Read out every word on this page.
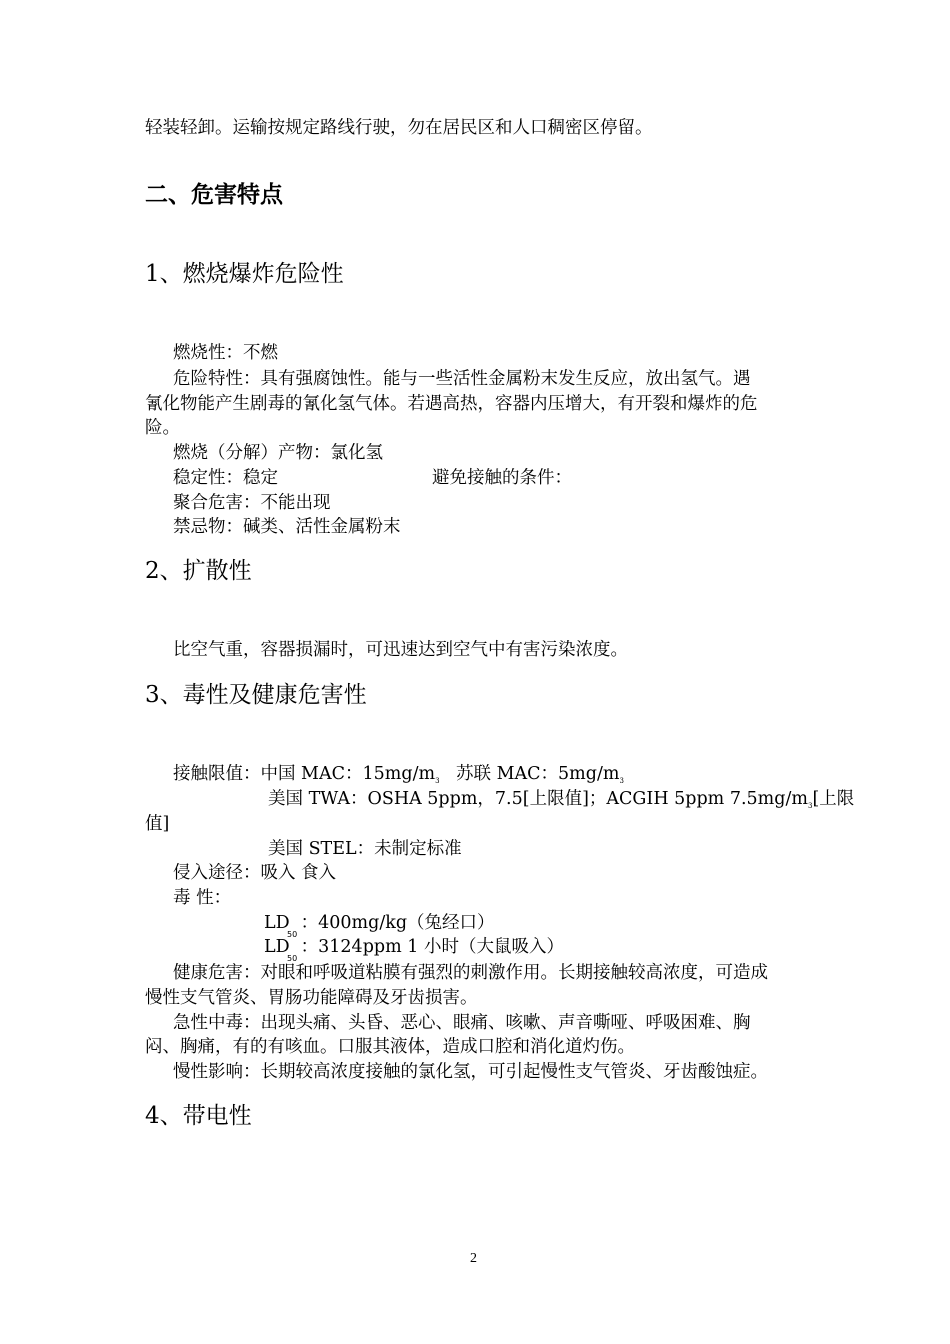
轻装轻卸。运输按规定路线行驶，勿在居民区和人口稠密区停留。
二、危害特点
1、燃烧爆炸危险性
燃烧性：不燃
危险特性：具有强腐蚀性。能与一些活性金属粉末发生反应，放出氢气。遇
氰化物能产生剧毒的氰化氢气体。若遇高热，容器内压增大，有开裂和爆炸的危
险。
燃烧（分解）产物：氯化氢
稳定性：稳定	避免接触的条件：
聚合危害：不能出现
禁忌物：碱类、活性金属粉末
2、扩散性
比空气重，容器损漏时，可迅速达到空气中有害污染浓度。
3、毒性及健康危害性
接触限值：中国 MAC：$15mg/m_3$ 苏联 MAC：$5mg/m_3$
美国 TWA：OSHA 5ppm，7.5[上限值]；ACGIH 5ppm $7.5mg/m_3$[上限
值]
美国 STEL：未制定标准
侵入途径：吸入 食入
毒 性：
LD ：400mg/kg（兔经口）
50
LD ：3124ppm 1 小时（大鼠吸入）
50
健康危害：对眼和呼吸道粘膜有强烈的刺激作用。长期接触较高浓度，可造成
慢性支气管炎、胃肠功能障碍及牙齿损害。
急性中毒：出现头痛、头昏、恶心、眼痛、咳嗽、声音嘶哑、呼吸困难、胸
闷、胸痛，有的有咳血。口服其液体，造成口腔和消化道灼伤。
慢性影响：长期较高浓度接触的氯化氢，可引起慢性支气管炎、牙齿酸蚀症。
4、带电性
2
